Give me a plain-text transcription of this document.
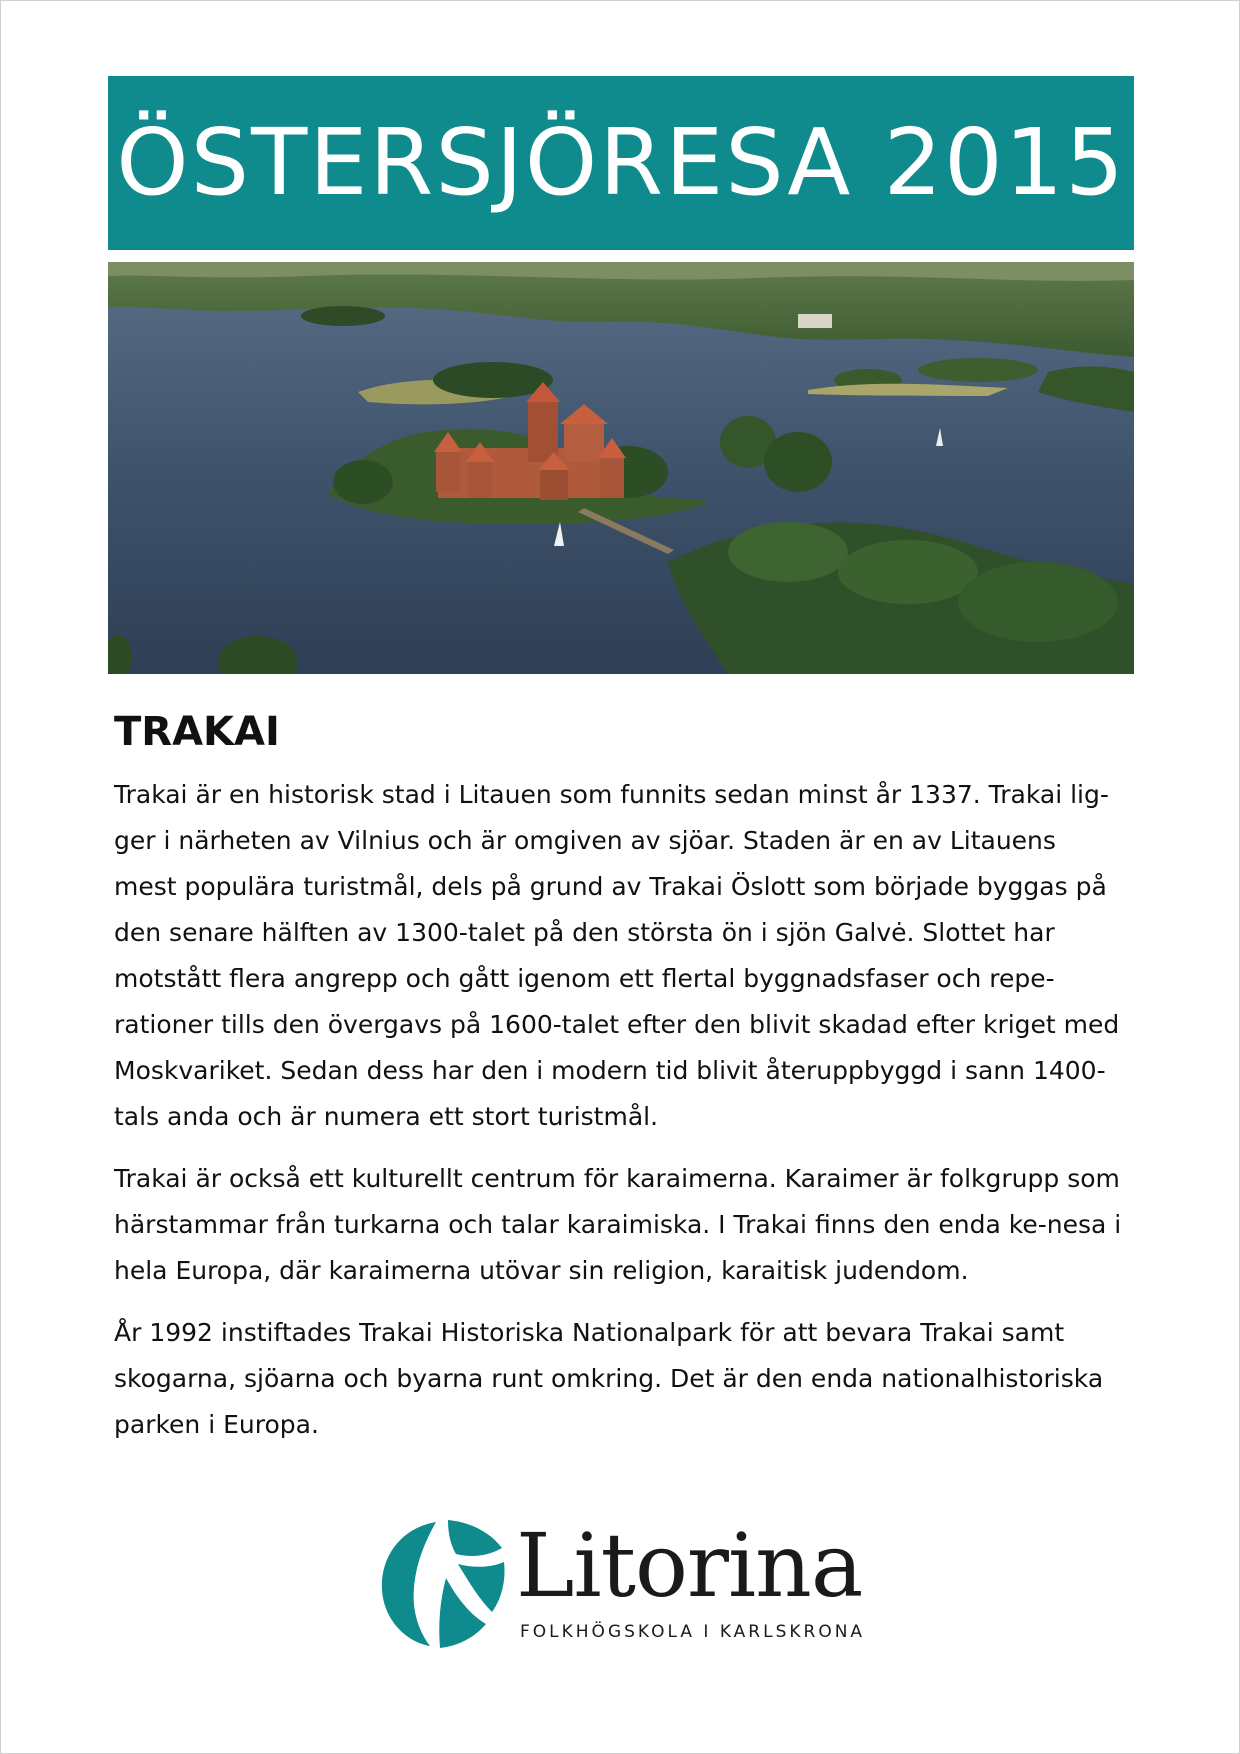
ÖSTERSJÖRESA 2015
TRAKAI

Trakai är en historisk stad i Litauen som funnits sedan minst år 1337. Trakai lig-ger i närheten av Vilnius och är omgiven av sjöar. Staden är en av Litauens mest populära turistmål, dels på grund av Trakai Öslott som började byggas på den senare hälften av 1300-talet på den största ön i sjön Galvė. Slottet har motstått flera angrepp och gått igenom ett flertal byggnadsfaser och repe-rationer tills den övergavs på 1600-talet efter den blivit skadad efter kriget med Moskvariket. Sedan dess har den i modern tid blivit återuppbyggd i sann 1400-tals anda och är numera ett stort turistmål.

Trakai är också ett kulturellt centrum för karaimerna. Karaimer är folkgrupp som härstammar från turkarna och talar karaimiska. I Trakai finns den enda ke-nesa i hela Europa, där karaimerna utövar sin religion, karaitisk judendom.

År 1992 instiftades Trakai Historiska Nationalpark för att bevara Trakai samt skogarna, sjöarna och byarna runt omkring. Det är den enda nationalhistoriska parken i Europa.

Litorina
FOLKHÖGSKOLA I KARLSKRONA
